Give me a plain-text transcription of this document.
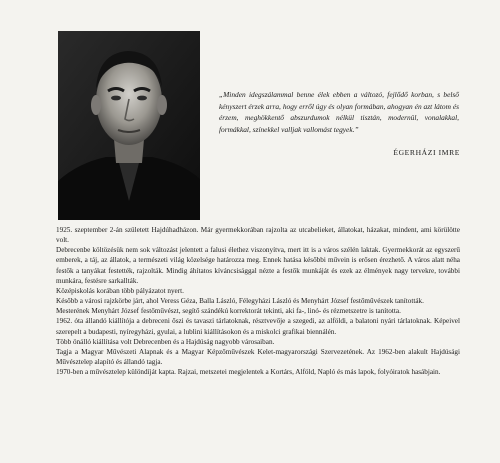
„Minden idegszálammal benne élek ebben a változó, fejlődő korban, s belső kényszert érzek arra, hogy erről úgy és olyan formában, ahogyan én azt látom és érzem, meghökkentő abszurdumok nélkül tisztán, modernül, vonalakkal, formákkal, színekkel valljak vallomást tegyek.”

ÉGERHÁZI IMRE

1925. szeptember 2-án született Hajdúhadházon. Már gyermekkorában rajzolta az utcabelieket, állatokat, házakat, mindent, ami körülötte volt.

Debrecenbe költözésük nem sok változást jelentett a falusi élethez viszonyítva, mert itt is a város szélén laktak. Gyermekkorát az egyszerű emberek, a táj, az állatok, a természeti világ közelsége határozza meg. Ennek hatása későbbi művein is erősen érezhető. A város alatt néha festők a tanyákat festették, rajzolták. Mindig áhítatos kíváncsisággal nézte a festők munkáját és ezek az élmények nagy tervekre, további munkára, festésre sarkallták.

Középiskolás korában több pályázatot nyert.

Később a városi rajzkörbe járt, ahol Veress Géza, Balla László, Félegyházi László és Menyhárt József festőművészek tanították.

Mesterének Menyhárt József festőművészt, segítő szándékú korrektorát tekinti, aki fa-, linó- és rézmetszetre is tanította.

1962. óta állandó kiállítója a debreceni őszi és tavaszi tárlatoknak, résztvevője a szegedi, az alföldi, a balatoni nyári tárlatoknak. Képeivel szerepelt a budapesti, nyíregyházi, gyulai, a lublini kiállításokon és a miskolci grafikai biennálén.

Több önálló kiállítása volt Debrecenben és a Hajdúság nagyobb városaiban.

Tagja a Magyar Művészeti Alapnak és a Magyar Képzőművészek Kelet-magyarországi Szervezetének. Az 1962-ben alakult Hajdúsági Művésztelep alapító és állandó tagja.

1970-ben a művésztelep különdíját kapta. Rajzai, metszetei megjelentek a Kortárs, Alföld, Napló és más lapok, folyóiratok hasábjain.
